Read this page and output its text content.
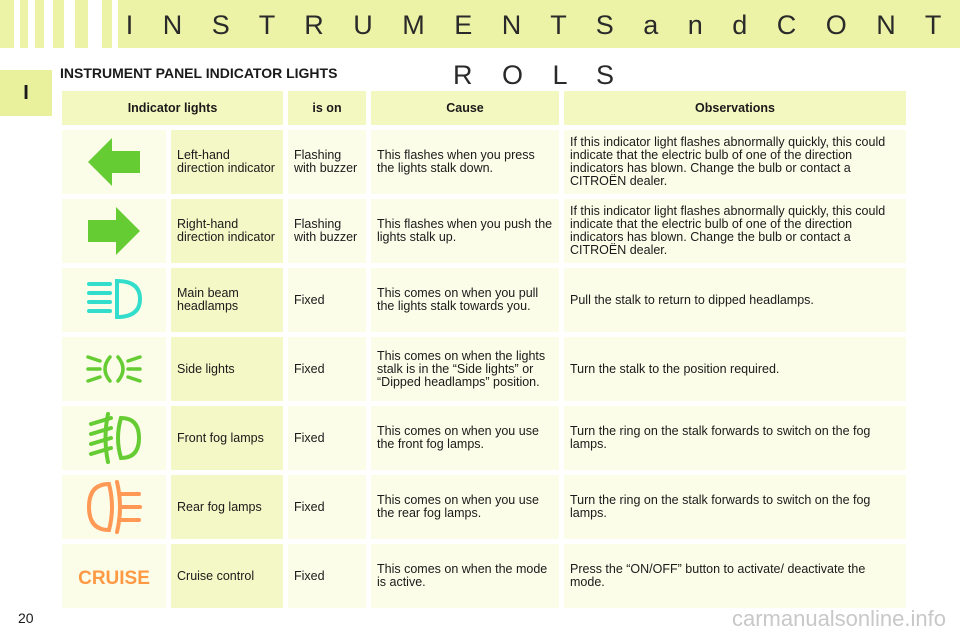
I N S T R U M E N T S a n d C O N T R O L S
I
INSTRUMENT PANEL INDICATOR LIGHTS
Indicator lights		is on	Cause	Observations

	Left-hand direction indicator	Flashing with buzzer	This flashes when you press the lights stalk down.	If this indicator light flashes abnormally quickly, this could indicate that the electric bulb of one of the direction indicators has blown. Change the bulb or contact a CITROËN dealer.

	Right-hand direction indicator	Flashing with buzzer	This flashes when you push the lights stalk up.	If this indicator light flashes abnormally quickly, this could indicate that the electric bulb of one of the direction indicators has blown. Change the bulb or contact a CITROËN dealer.

	Main beam headlamps	Fixed	This comes on when you pull the lights stalk towards you.	Pull the stalk to return to dipped headlamps.

	Side lights	Fixed	This comes on when the lights stalk is in the “Side lights” or “Dipped headlamps” position.	Turn the stalk to the position required.

	Front fog lamps	Fixed	This comes on when you use the front fog lamps.	Turn the ring on the stalk forwards to switch on the fog lamps.

	Rear fog lamps	Fixed	This comes on when you use the rear fog lamps.	Turn the ring on the stalk forwards to switch on the fog lamps.

CRUISE	Cruise control	Fixed	This comes on when the mode is active.	Press the “ON/OFF” button to activate/ deactivate the mode.
20	carmanualsonline.info
